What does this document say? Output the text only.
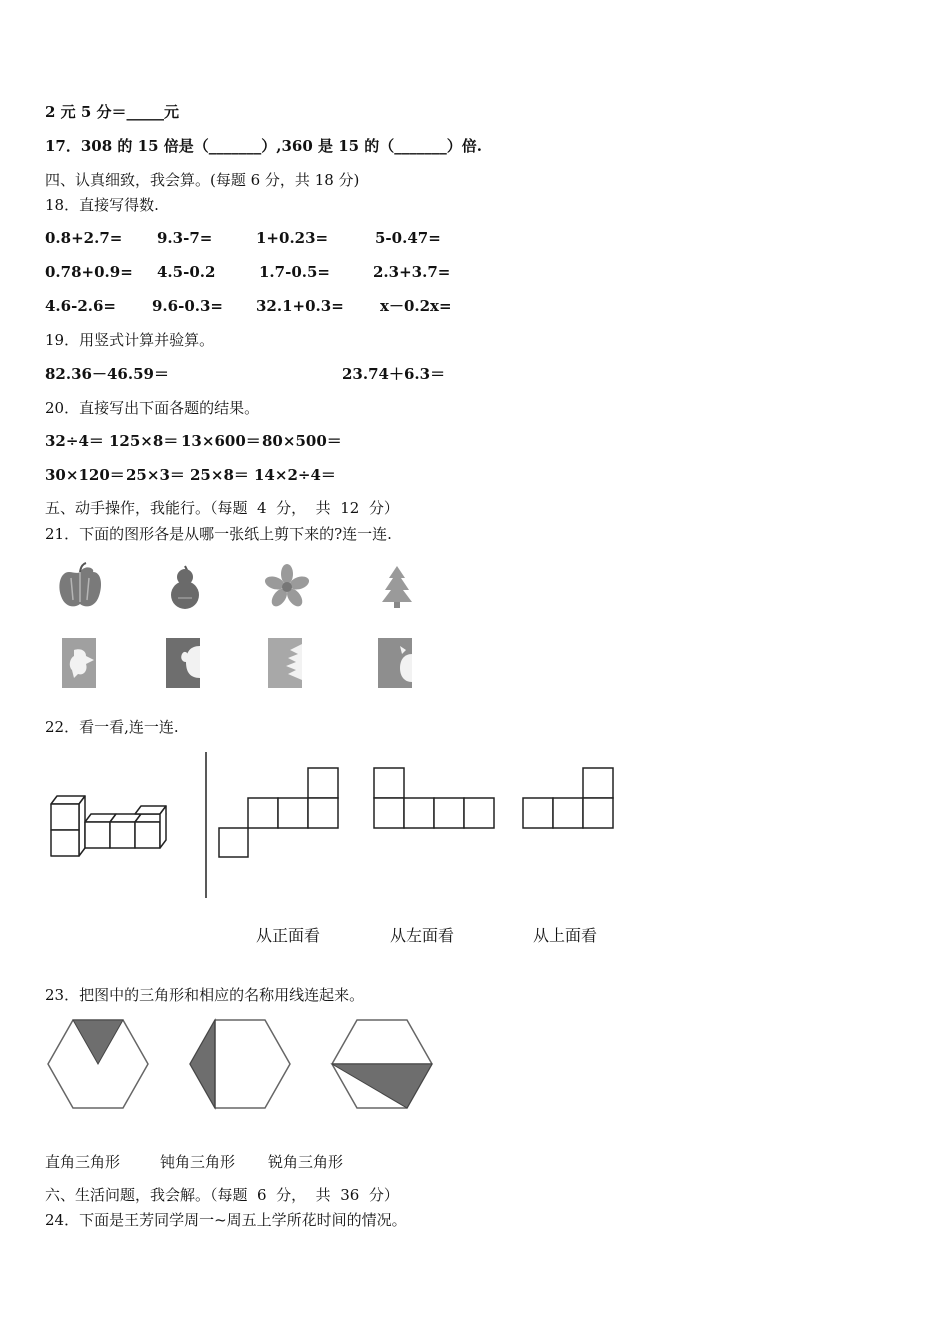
2 元 5 分＝_____元
17．308 的 15 倍是（_______）,360 是 15 的（_______）倍.
四、认真细致，我会算。(每题 6 分，共 18 分)
18．直接写得数.
0.8+2.7= 9.3-7=	1+0.23=	5-0.47=
0.78+0.9= 4.5-0.2	1.7-0.5=	2.3+3.7=
4.6-2.6= 9.6-0.3= 32.1+0.3= x－0.2x=
19．用竖式计算并验算。
82.36－46.59＝	23.74＋6.3＝
20．直接写出下面各题的结果。
32÷4＝ 125×8＝ 13×600＝ 80×500＝
30×120＝ 25×3＝ 25×8＝ 14×2÷4＝
五、动手操作，我能行。（每题  4  分，  共  12  分）
21．下面的图形各是从哪一张纸上剪下来的?连一连.
22．看一看,连一连.
从正面看	从左面看	从上面看
23．把图中的三角形和相应的名称用线连起来。
直角三角形	钝角三角形 锐角三角形
六、生活问题，我会解。（每题  6  分，  共  36  分）
24．下面是王芳同学周一~周五上学所花时间的情况。
